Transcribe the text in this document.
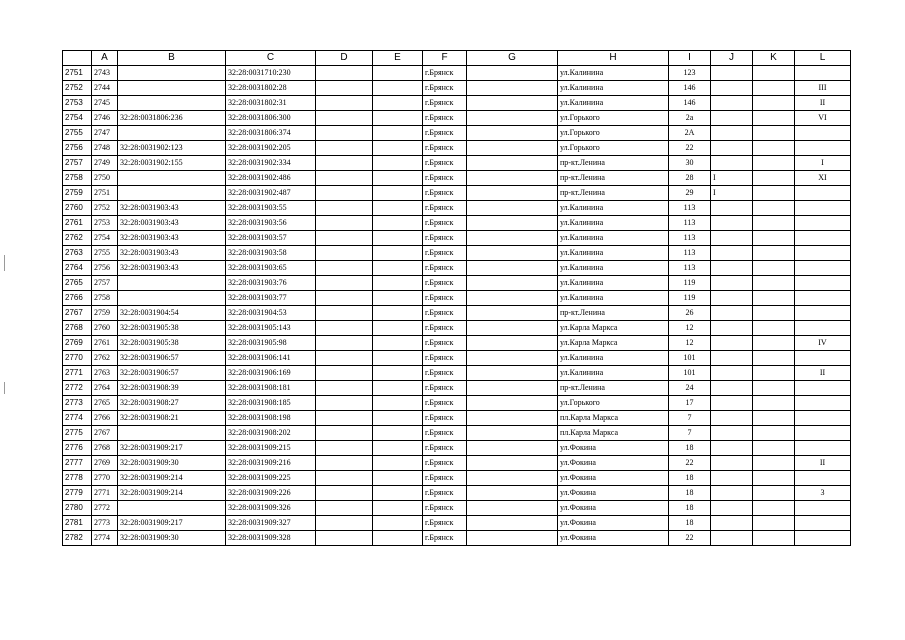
	A	B	C	D	E	F	G	H	I	J	K	L
2751	2743		32:28:0031710:230			г.Брянск		ул.Калинина	123			
2752	2744		32:28:0031802:28			г.Брянск		ул.Калинина	146			III
2753	2745		32:28:0031802:31			г.Брянск		ул.Калинина	146			II
2754	2746	32:28:0031806:236	32:28:0031806:300			г.Брянск		ул.Горького	2а			VI
2755	2747		32:28:0031806:374			г.Брянск		ул.Горького	2А			
2756	2748	32:28:0031902:123	32:28:0031902:205			г.Брянск		ул.Горького	22			
2757	2749	32:28:0031902:155	32:28:0031902:334			г.Брянск		пр-кт.Ленина	30			I
2758	2750		32:28:0031902:486			г.Брянск		пр-кт.Ленина	28	I		XI
2759	2751		32:28:0031902:487			г.Брянск		пр-кт.Ленина	29	I		
2760	2752	32:28:0031903:43	32:28:0031903:55			г.Брянск		ул.Калинина	113			
2761	2753	32:28:0031903:43	32:28:0031903:56			г.Брянск		ул.Калинина	113			
2762	2754	32:28:0031903:43	32:28:0031903:57			г.Брянск		ул.Калинина	113			
2763	2755	32:28:0031903:43	32:28:0031903:58			г.Брянск		ул.Калинина	113			
2764	2756	32:28:0031903:43	32:28:0031903:65			г.Брянск		ул.Калинина	113			
2765	2757		32:28:0031903:76			г.Брянск		ул.Калинина	119			
2766	2758		32:28:0031903:77			г.Брянск		ул.Калинина	119			
2767	2759	32:28:0031904:54	32:28:0031904:53			г.Брянск		пр-кт.Ленина	26			
2768	2760	32:28:0031905:38	32:28:0031905:143			г.Брянск		ул.Карла Маркса	12			
2769	2761	32:28:0031905:38	32:28:0031905:98			г.Брянск		ул.Карла Маркса	12			IV
2770	2762	32:28:0031906:57	32:28:0031906:141			г.Брянск		ул.Калинина	101			
2771	2763	32:28:0031906:57	32:28:0031906:169			г.Брянск		ул.Калинина	101			II
2772	2764	32:28:0031908:39	32:28:0031908:181			г.Брянск		пр-кт.Ленина	24			
2773	2765	32:28:0031908:27	32:28:0031908:185			г.Брянск		ул.Горького	17			
2774	2766	32:28:0031908:21	32:28:0031908:198			г.Брянск		пл.Карла Маркса	7			
2775	2767		32:28:0031908:202			г.Брянск		пл.Карла Маркса	7			
2776	2768	32:28:0031909:217	32:28:0031909:215			г.Брянск		ул.Фокина	18			
2777	2769	32:28:0031909:30	32:28:0031909:216			г.Брянск		ул.Фокина	22			II
2778	2770	32:28:0031909:214	32:28:0031909:225			г.Брянск		ул.Фокина	18			
2779	2771	32:28:0031909:214	32:28:0031909:226			г.Брянск		ул.Фокина	18			3
2780	2772		32:28:0031909:326			г.Брянск		ул.Фокина	18			
2781	2773	32:28:0031909:217	32:28:0031909:327			г.Брянск		ул.Фокина	18			
2782	2774	32:28:0031909:30	32:28:0031909:328			г.Брянск		ул.Фокина	22			
